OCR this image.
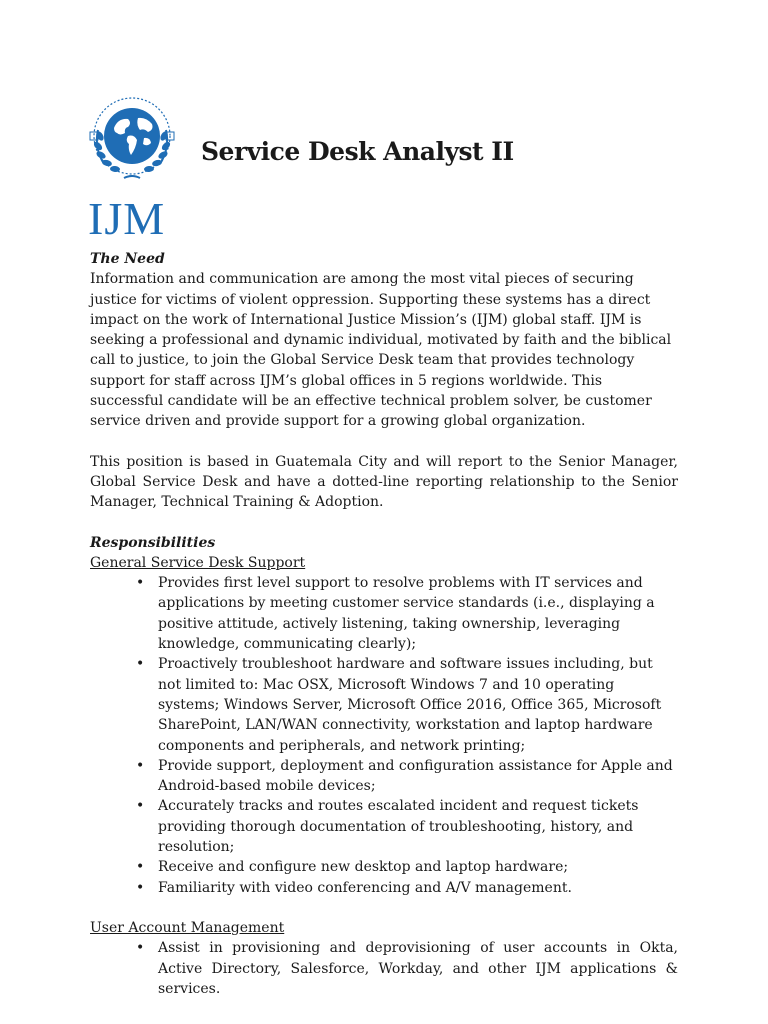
IJM
Service Desk Analyst II

The Need

Information and communication are among the most vital pieces of securing justice for victims of violent oppression. Supporting these systems has a direct impact on the work of International Justice Mission’s (IJM) global staff. IJM is seeking a professional and dynamic individual, motivated by faith and the biblical call to justice, to join the Global Service Desk team that provides technology support for staff across IJM’s global offices in 5 regions worldwide. This successful candidate will be an effective technical problem solver, be customer service driven and provide support for a growing global organization.

This position is based in Guatemala City and will report to the Senior Manager, Global Service Desk and have a dotted-line reporting relationship to the Senior Manager, Technical Training & Adoption.

Responsibilities

General Service Desk Support

• Provides first level support to resolve problems with IT services and applications by meeting customer service standards (i.e., displaying a positive attitude, actively listening, taking ownership, leveraging knowledge, communicating clearly);
• Proactively troubleshoot hardware and software issues including, but not limited to: Mac OSX, Microsoft Windows 7 and 10 operating systems; Windows Server, Microsoft Office 2016, Office 365, Microsoft SharePoint, LAN/WAN connectivity, workstation and laptop hardware components and peripherals, and network printing;
• Provide support, deployment and configuration assistance for Apple and Android-based mobile devices;
• Accurately tracks and routes escalated incident and request tickets providing thorough documentation of troubleshooting, history, and resolution;
• Receive and configure new desktop and laptop hardware;
• Familiarity with video conferencing and A/V management.

User Account Management

• Assist in provisioning and deprovisioning of user accounts in Okta, Active Directory, Salesforce, Workday, and other IJM applications & services.
